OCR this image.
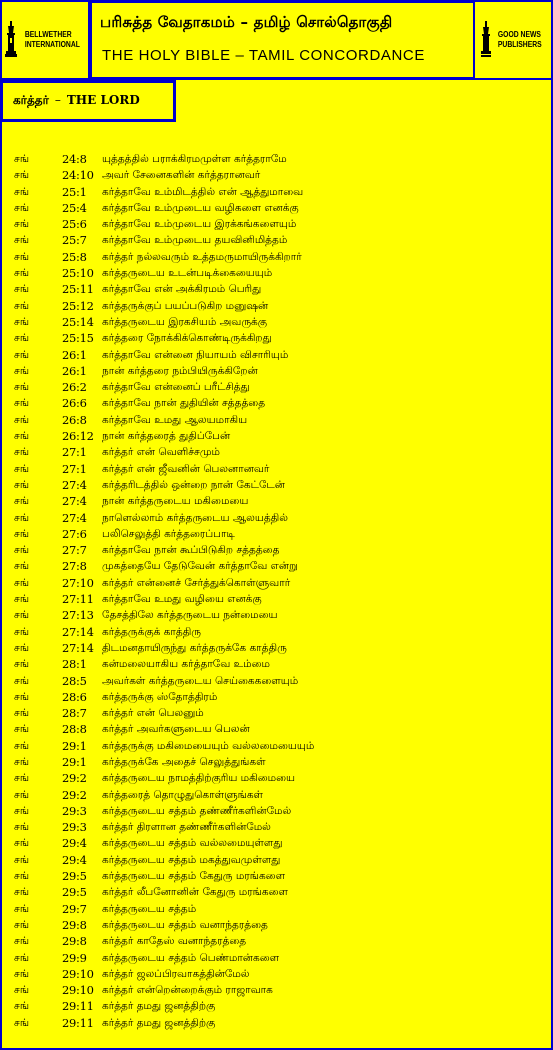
BELLWETHER
INTERNATIONAL
பரிசுத்த வேதாகமம் – தமிழ் சொல்தொகுதி
THE HOLY BIBLE – TAMIL CONCORDANCE
GOOD NEWS
PUBLISHERS
கர்த்தர் – THE LORD
சங்	24:8 யுத்தத்தில் பராக்கிரமமுள்ள கர்த்தராமே
சங்	24:10 அவர் சேனைகளின் கர்த்தரானவர்
சங்	25:1 கர்த்தாவே உம்மிடத்தில் என் ஆத்துமாவை
சங்	25:4 கர்த்தாவே உம்முடைய வழிகளை எனக்கு
சங்	25:6 கர்த்தாவே உம்முடைய இரக்கங்களையும்
சங்	25:7 கர்த்தாவே உம்முடைய தயவினிமித்தம்
சங்	25:8 கர்த்தர் நல்லவரும் உத்தமருமாயிருக்கிறார்
சங்	25:10 கர்த்தருடைய உடன்படிக்கையையும்
சங்	25:11 கர்த்தாவே என் அக்கிரமம் பெரிது
சங்	25:12 கர்த்தருக்குப் பயப்படுகிற மனுஷன்
சங்	25:14 கர்த்தருடைய இரகசியம் அவருக்கு
சங்	25:15 கர்த்தரை நோக்கிக்கொண்டிருக்கிறது
சங்	26:1 கர்த்தாவே என்னை நியாயம் விசாரியும்
சங்	26:1 நான் கர்த்தரை நம்பியிருக்கிறேன்
சங்	26:2 கர்த்தாவே என்னைப் பரீட்சித்து
சங்	26:6 கர்த்தாவே நான் துதியின் சத்தத்தை
சங்	26:8 கர்த்தாவே உமது ஆலயமாகிய
சங்	26:12 நான் கர்த்தரைத் துதிப்பேன்
சங்	27:1 கர்த்தர் என் வெளிச்சமும்
சங்	27:1 கர்த்தர் என் ஜீவனின் பெலனானவர்
சங்	27:4 கர்த்தரிடத்தில் ஒன்றை நான் கேட்டேன்
சங்	27:4 நான் கர்த்தருடைய மகிமையை
சங்	27:4 நாளெல்லாம் கர்த்தருடைய ஆலயத்தில்
சங்	27:6 பலிசெலுத்தி கர்த்தரைப்பாடி
சங்	27:7 கர்த்தாவே நான் கூப்பிடுகிற சத்தத்தை
சங்	27:8 முகத்தையே தேடுவேன் கர்த்தாவே என்று
சங்	27:10 கர்த்தர் என்னைச் சேர்த்துக்கொள்ளுவார்
சங்	27:11 கர்த்தாவே உமது வழியை எனக்கு
சங்	27:13 தேசத்திலே கர்த்தருடைய நன்மையை
சங்	27:14 கர்த்தருக்குக் காத்திரு
சங்	27:14 திடமனதாயிருந்து கர்த்தருக்கே காத்திரு
சங்	28:1 கன்மலையாகிய கர்த்தாவே உம்மை
சங்	28:5 அவர்கள் கர்த்தருடைய செய்கைகளையும்
சங்	28:6 கர்த்தருக்கு ஸ்தோத்திரம்
சங்	28:7 கர்த்தர் என் பெலனும்
சங்	28:8 கர்த்தர் அவர்களுடைய பெலன்
சங்	29:1 கர்த்தருக்கு மகிமையையும் வல்லமையையும்
சங்	29:1 கர்த்தருக்கே அதைச் செலுத்துங்கள்
சங்	29:2 கர்த்தருடைய நாமத்திற்குரிய மகிமையை
சங்	29:2 கர்த்தரைத் தொழுதுகொள்ளுங்கள்
சங்	29:3 கர்த்தருடைய சத்தம் தண்ணீர்களின்மேல்
சங்	29:3 கர்த்தர் திரளான தண்ணீர்களின்மேல்
சங்	29:4 கர்த்தருடைய சத்தம் வல்லமையுள்ளது
சங்	29:4 கர்த்தருடைய சத்தம் மகத்துவமுள்ளது
சங்	29:5 கர்த்தருடைய சத்தம் கேதுரு மரங்களை
சங்	29:5 கர்த்தர் லீபனோனின் கேதுரு மரங்களை
சங்	29:7 கர்த்தருடைய சத்தம்
சங்	29:8 கர்த்தருடைய சத்தம் வனாந்தரத்தை
சங்	29:8 கர்த்தர் காதேஸ் வனாந்தரத்தை
சங்	29:9 கர்த்தருடைய சத்தம் பெண்மான்களை
சங்	29:10 கர்த்தர் ஜலப்பிரவாகத்தின்மேல்
சங்	29:10 கர்த்தர் என்றென்றைக்கும் ராஜாவாக
சங்	29:11 கர்த்தர் தமது ஜனத்திற்கு
சங்	29:11 கர்த்தர் தமது ஜனத்திற்கு
